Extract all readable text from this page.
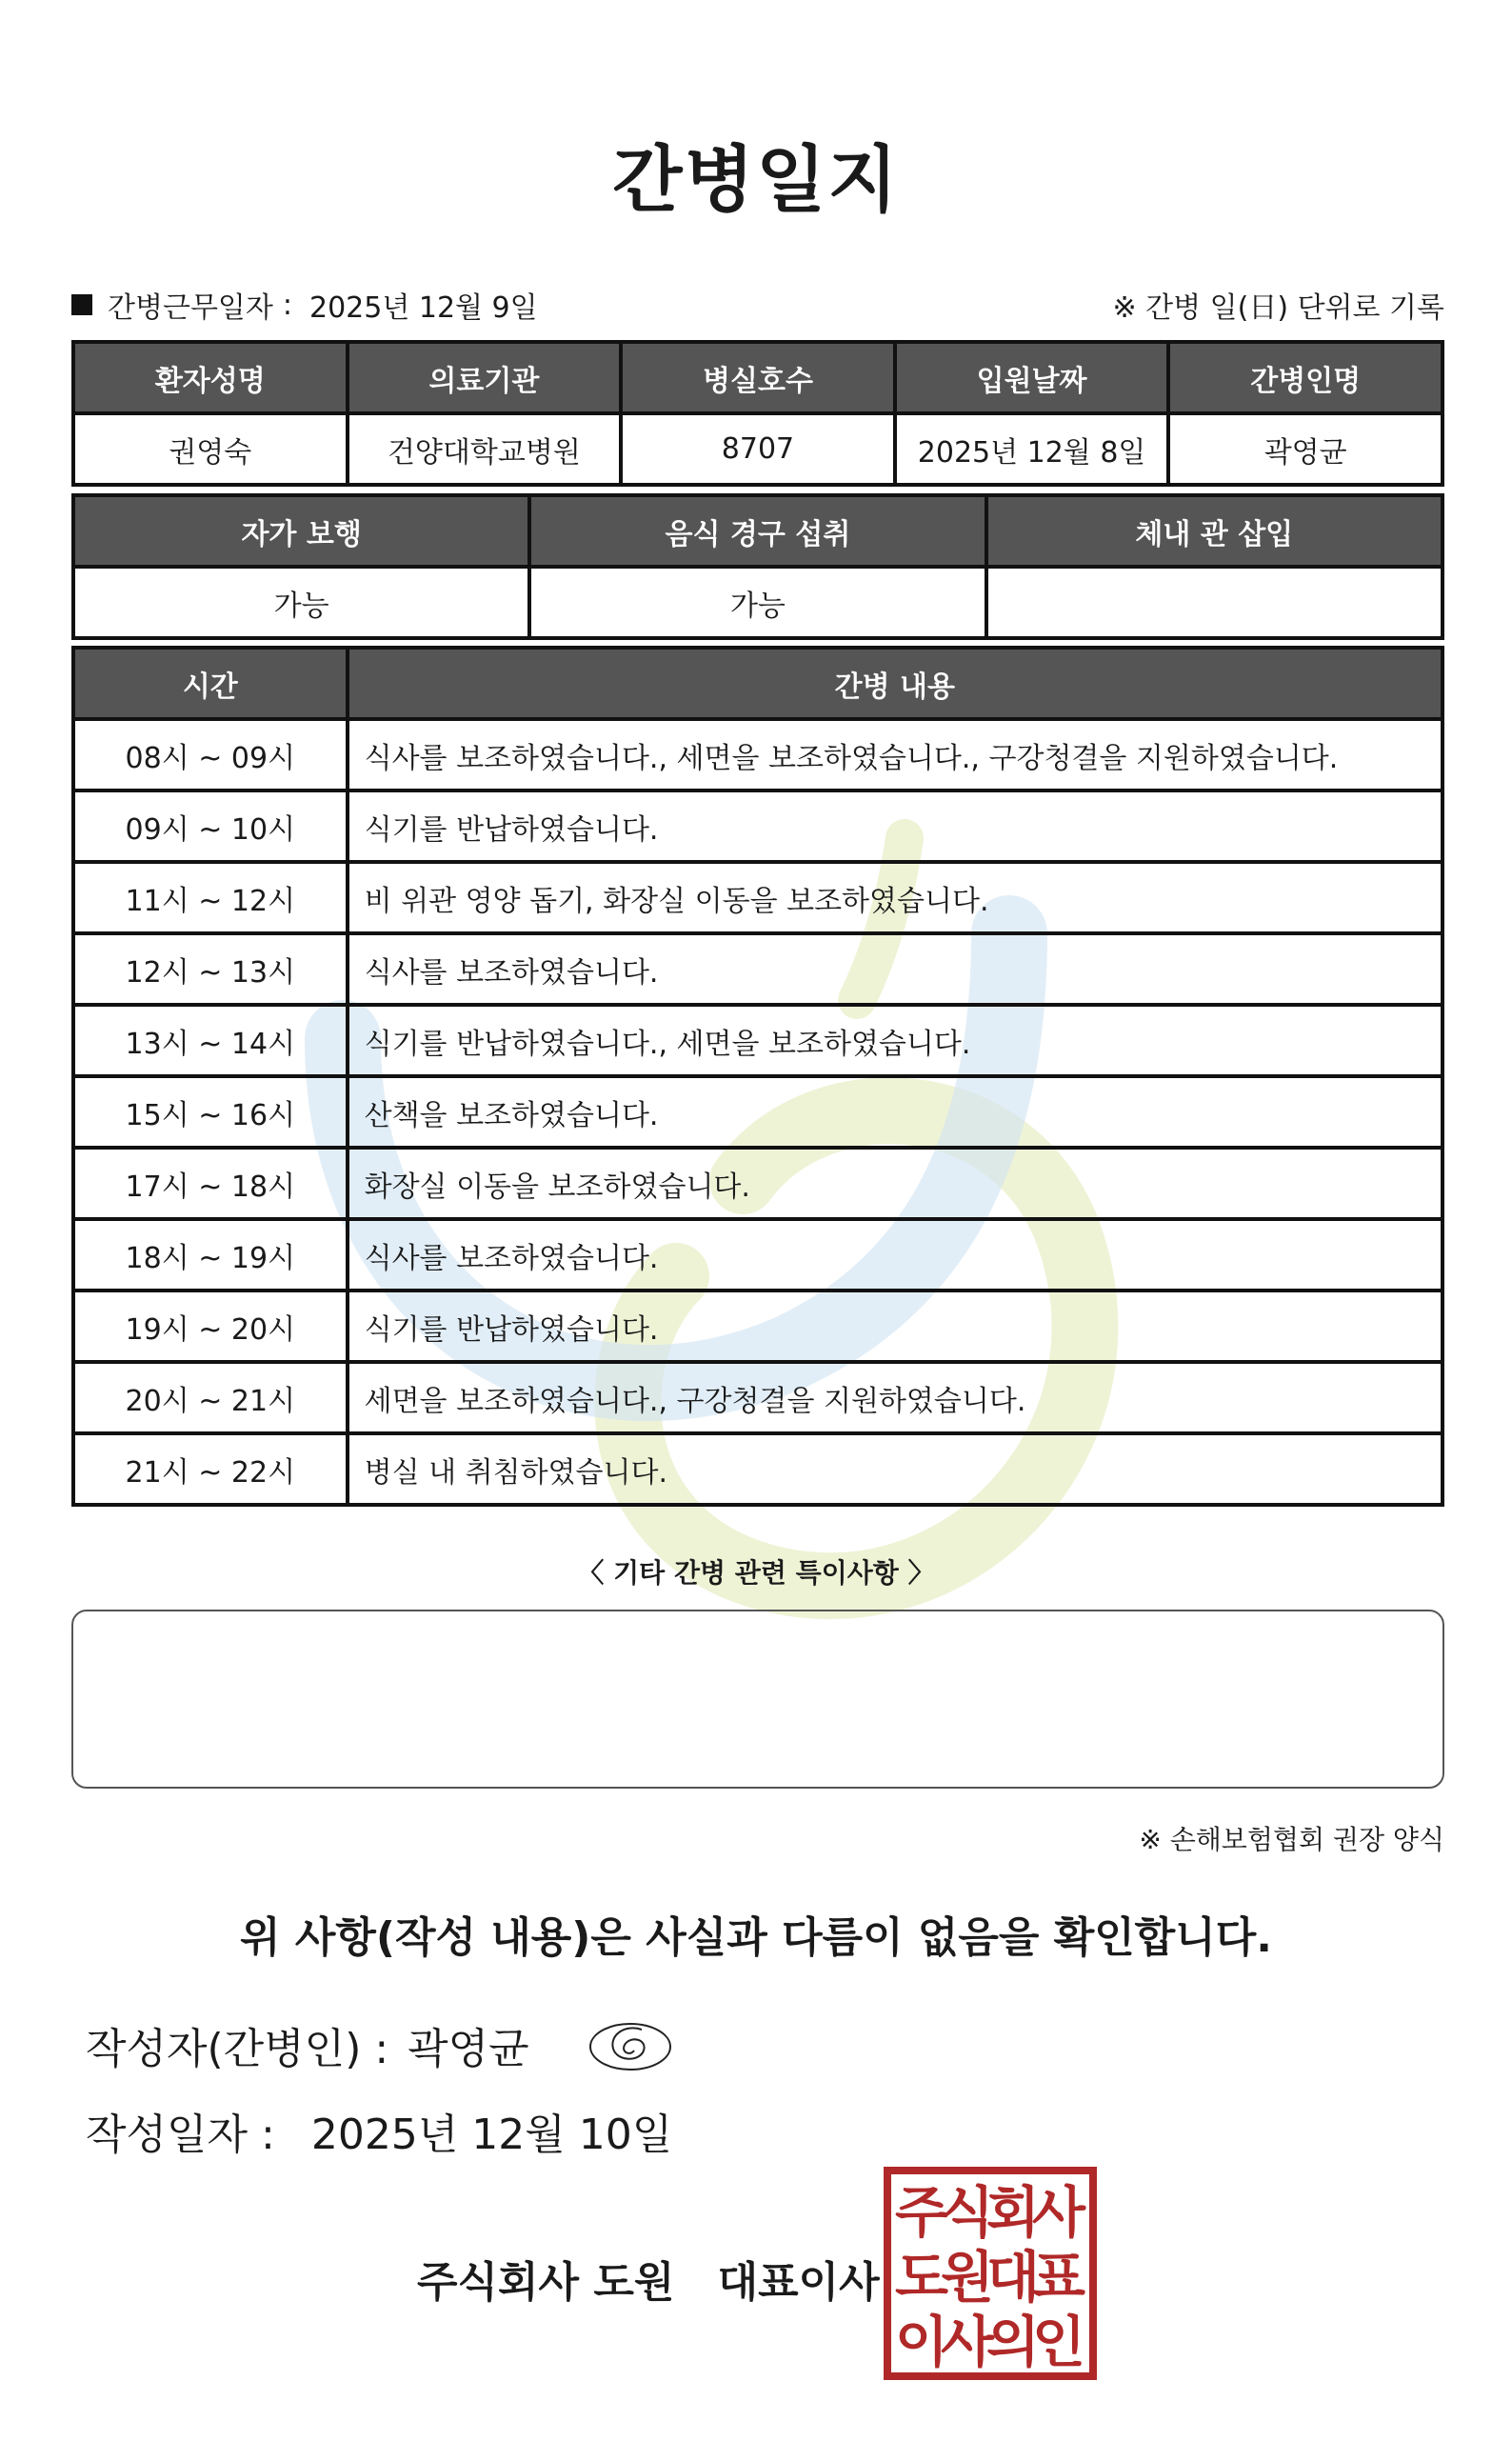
간병일지
간병근무일자 : 2025년 12월 9일	※ 간병 일(日) 단위로 기록
환자성명	의료기관	병실호수	입원날짜	간병인명
권영숙	건양대학교병원	8707	2025년 12월 8일	곽영균
자가 보행	음식 경구 섭취	체내 관 삽입
가능	가능	
시간	간병 내용
08시 ~ 09시	식사를 보조하였습니다., 세면을 보조하였습니다., 구강청결을 지원하였습니다.
09시 ~ 10시	식기를 반납하였습니다.
11시 ~ 12시	비 위관 영양 돕기, 화장실 이동을 보조하였습니다.
12시 ~ 13시	식사를 보조하였습니다.
13시 ~ 14시	식기를 반납하였습니다., 세면을 보조하였습니다.
15시 ~ 16시	산책을 보조하였습니다.
17시 ~ 18시	화장실 이동을 보조하였습니다.
18시 ~ 19시	식사를 보조하였습니다.
19시 ~ 20시	식기를 반납하였습니다.
20시 ~ 21시	세면을 보조하였습니다., 구강청결을 지원하였습니다.
21시 ~ 22시	병실 내 취침하였습니다.
〈 기타 간병 관련 특이사항 〉
※ 손해보험협회 권장 양식
위 사항(작성 내용)은 사실과 다름이 없음을 확인합니다.
작성자(간병인) : 곽영균
작성일자 : 2025년 12월 10일
주식회사 도원 대표이사
주
식
회
사
도
원
대
표
이
사
의
인
